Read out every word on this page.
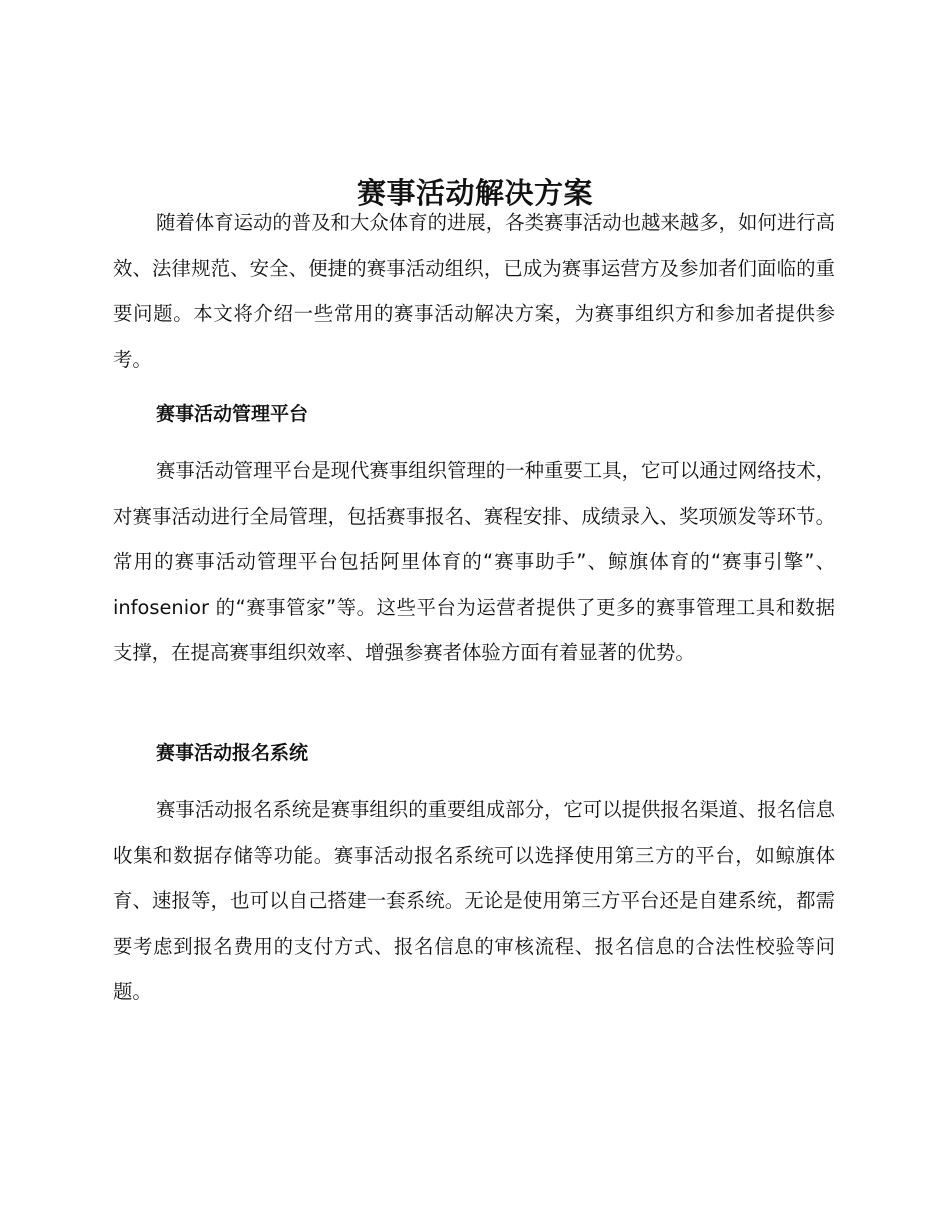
赛事活动解决方案

随着体育运动的普及和大众体育的进展，各类赛事活动也越来越多，如何进行高效、法律规范、安全、便捷的赛事活动组织，已成为赛事运营方及参加者们面临的重要问题。本文将介绍一些常用的赛事活动解决方案，为赛事组织方和参加者提供参考。

赛事活动管理平台

赛事活动管理平台是现代赛事组织管理的一种重要工具，它可以通过网络技术，对赛事活动进行全局管理，包括赛事报名、赛程安排、成绩录入、奖项颁发等环节。常用的赛事活动管理平台包括阿里体育的“赛事助手”、鲸旗体育的“赛事引擎”、infosenior 的“赛事管家”等。这些平台为运营者提供了更多的赛事管理工具和数据支撑，在提高赛事组织效率、增强参赛者体验方面有着显著的优势。

赛事活动报名系统

赛事活动报名系统是赛事组织的重要组成部分，它可以提供报名渠道、报名信息收集和数据存储等功能。赛事活动报名系统可以选择使用第三方的平台，如鲸旗体育、速报等，也可以自己搭建一套系统。无论是使用第三方平台还是自建系统，都需要考虑到报名费用的支付方式、报名信息的审核流程、报名信息的合法性校验等问题。
